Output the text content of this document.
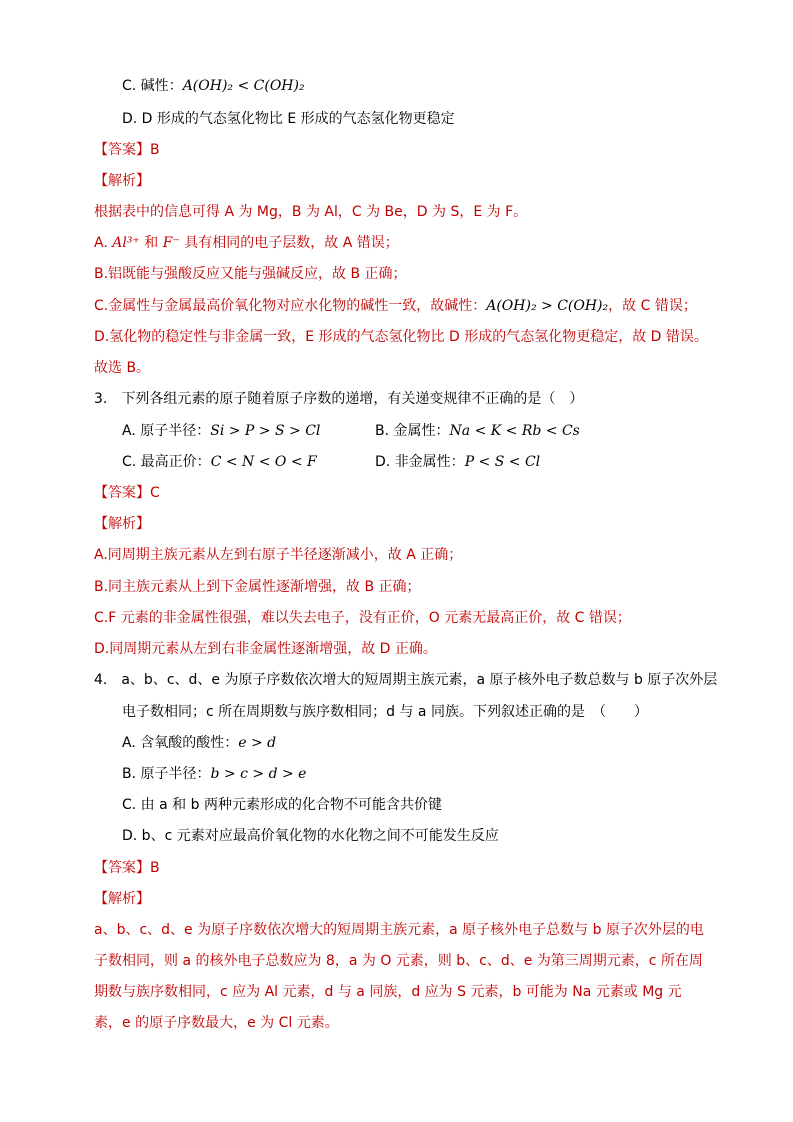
C. 碱性：A(OH)₂ < C(OH)₂
D. D 形成的气态氢化物比 E 形成的气态氢化物更稳定
【答案】B
【解析】
根据表中的信息可得 A 为 Mg，B 为 Al，C 为 Be，D 为 S，E 为 F。
A. Al³⁺ 和 F⁻ 具有相同的电子层数，故 A 错误；
B.铝既能与强酸反应又能与强碱反应，故 B 正确；
C.金属性与金属最高价氧化物对应水化物的碱性一致，故碱性：A(OH)₂ > C(OH)₂，故 C 错误；
D.氢化物的稳定性与非金属一致，E 形成的气态氢化物比 D 形成的气态氢化物更稳定，故 D 错误。
故选 B。
3.　下列各组元素的原子随着原子序数的递增，有关递变规律不正确的是（　）
A. 原子半径：Si > P > S > Cl	B. 金属性：Na < K < Rb < Cs
C. 最高正价：C < N < O < F	D. 非金属性：P < S < Cl
【答案】C
【解析】
A.同周期主族元素从左到右原子半径逐渐减小，故 A 正确；
B.同主族元素从上到下金属性逐渐增强，故 B 正确；
C.F 元素的非金属性很强，难以失去电子，没有正价，O 元素无最高正价，故 C 错误；
D.同周期元素从左到右非金属性逐渐增强，故 D 正确。
4.　a、b、c、d、e 为原子序数依次增大的短周期主族元素，a 原子核外电子数总数与 b 原子次外层
电子数相同；c 所在周期数与族序数相同；d 与 a 同族。下列叙述正确的是　（　　）
A. 含氧酸的酸性：e > d
B. 原子半径：b > c > d > e
C. 由 a 和 b 两种元素形成的化合物不可能含共价键
D. b、c 元素对应最高价氧化物的水化物之间不可能发生反应
【答案】B
【解析】
a、b、c、d、e 为原子序数依次增大的短周期主族元素，a 原子核外电子总数与 b 原子次外层的电子数相同，则 a 的核外电子总数应为 8，a 为 O 元素，则 b、c、d、e 为第三周期元素，c 所在周期数与族序数相同，c 应为 Al 元素，d 与 a 同族，d 应为 S 元素，b 可能为 Na 元素或 Mg 元素，e 的原子序数最大，e 为 Cl 元素。
